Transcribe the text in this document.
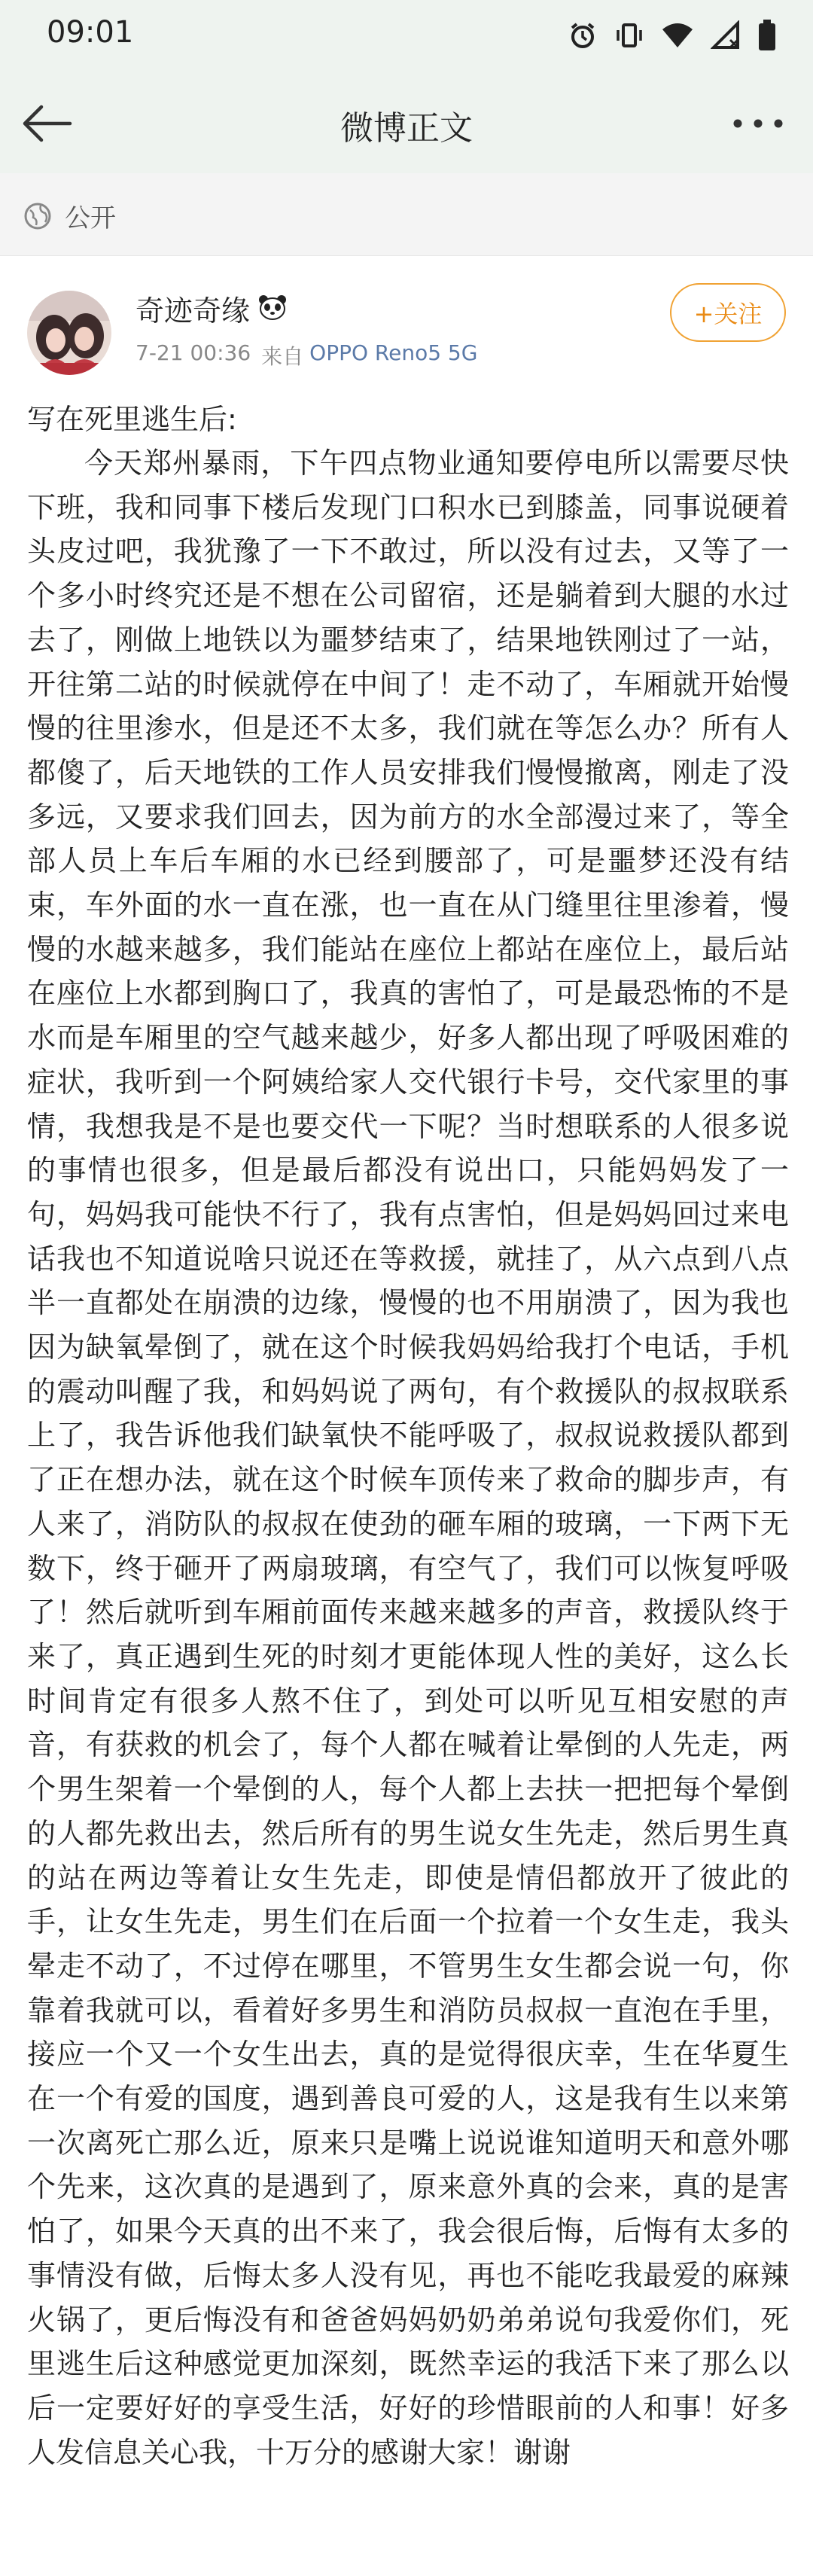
09:01
微博正文
公开
奇迹奇缘
7-21 00:36 来自 OPPO Reno5 5G
+关注
写在死里逃生后:
今天郑州暴雨，下午四点物业通知要停电所以需要尽快下班，我和同事下楼后发现门口积水已到膝盖，同事说硬着头皮过吧，我犹豫了一下不敢过，所以没有过去，又等了一个多小时终究还是不想在公司留宿，还是躺着到大腿的水过去了，刚做上地铁以为噩梦结束了，结果地铁刚过了一站，开往第二站的时候就停在中间了！走不动了，车厢就开始慢慢的往里渗水，但是还不太多，我们就在等怎么办？所有人都傻了，后天地铁的工作人员安排我们慢慢撤离，刚走了没多远，又要求我们回去，因为前方的水全部漫过来了，等全部人员上车后车厢的水已经到腰部了，可是噩梦还没有结束，车外面的水一直在涨，也一直在从门缝里往里渗着，慢慢的水越来越多，我们能站在座位上都站在座位上，最后站在座位上水都到胸口了，我真的害怕了，可是最恐怖的不是水而是车厢里的空气越来越少，好多人都出现了呼吸困难的症状，我听到一个阿姨给家人交代银行卡号，交代家里的事情，我想我是不是也要交代一下呢？当时想联系的人很多说的事情也很多，但是最后都没有说出口，只能妈妈发了一句，妈妈我可能快不行了，我有点害怕，但是妈妈回过来电话我也不知道说啥只说还在等救援，就挂了，从六点到八点半一直都处在崩溃的边缘，慢慢的也不用崩溃了，因为我也因为缺氧晕倒了，就在这个时候我妈妈给我打个电话，手机的震动叫醒了我，和妈妈说了两句，有个救援队的叔叔联系上了，我告诉他我们缺氧快不能呼吸了，叔叔说救援队都到了正在想办法，就在这个时候车顶传来了救命的脚步声，有人来了，消防队的叔叔在使劲的砸车厢的玻璃，一下两下无数下，终于砸开了两扇玻璃，有空气了，我们可以恢复呼吸了！然后就听到车厢前面传来越来越多的声音，救援队终于来了，真正遇到生死的时刻才更能体现人性的美好，这么长时间肯定有很多人熬不住了，到处可以听见互相安慰的声音，有获救的机会了，每个人都在喊着让晕倒的人先走，两个男生架着一个晕倒的人，每个人都上去扶一把把每个晕倒的人都先救出去，然后所有的男生说女生先走，然后男生真的站在两边等着让女生先走，即使是情侣都放开了彼此的手，让女生先走，男生们在后面一个拉着一个女生走，我头晕走不动了，不过停在哪里，不管男生女生都会说一句，你靠着我就可以，看着好多男生和消防员叔叔一直泡在手里，接应一个又一个女生出去，真的是觉得很庆幸，生在华夏生在一个有爱的国度，遇到善良可爱的人，这是我有生以来第一次离死亡那么近，原来只是嘴上说说谁知道明天和意外哪个先来，这次真的是遇到了，原来意外真的会来，真的是害怕了，如果今天真的出不来了，我会很后悔，后悔有太多的事情没有做，后悔太多人没有见，再也不能吃我最爱的麻辣火锅了，更后悔没有和爸爸妈妈奶奶弟弟说句我爱你们，死里逃生后这种感觉更加深刻，既然幸运的我活下来了那么以后一定要好好的享受生活，好好的珍惜眼前的人和事！好多人发信息关心我，十万分的感谢大家！谢谢
